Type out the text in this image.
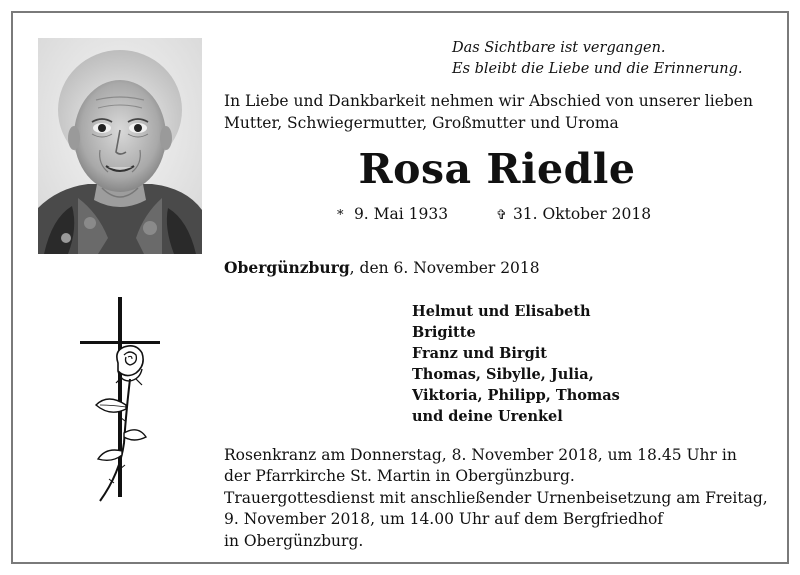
Das Sichtbare ist vergangen.
Es bleibt die Liebe und die Erinnerung.
In Liebe und Dankbarkeit nehmen wir Abschied von unserer lieben
Mutter, Schwiegermutter, Großmutter und Uroma
Rosa Riedle
* 9. Mai 1933	✞ 31. Oktober 2018
Obergünzburg, den 6. November 2018
Helmut und Elisabeth
Brigitte
Franz und Birgit
Thomas, Sibylle, Julia,
Viktoria, Philipp, Thomas
und deine Urenkel
Rosenkranz am Donnerstag, 8. November 2018, um 18.45 Uhr in
der Pfarrkirche St. Martin in Obergünzburg.
Trauergottesdienst mit anschließender Urnenbeisetzung am Freitag,
9. November 2018, um 14.00 Uhr auf dem Bergfriedhof
in Obergünzburg.
